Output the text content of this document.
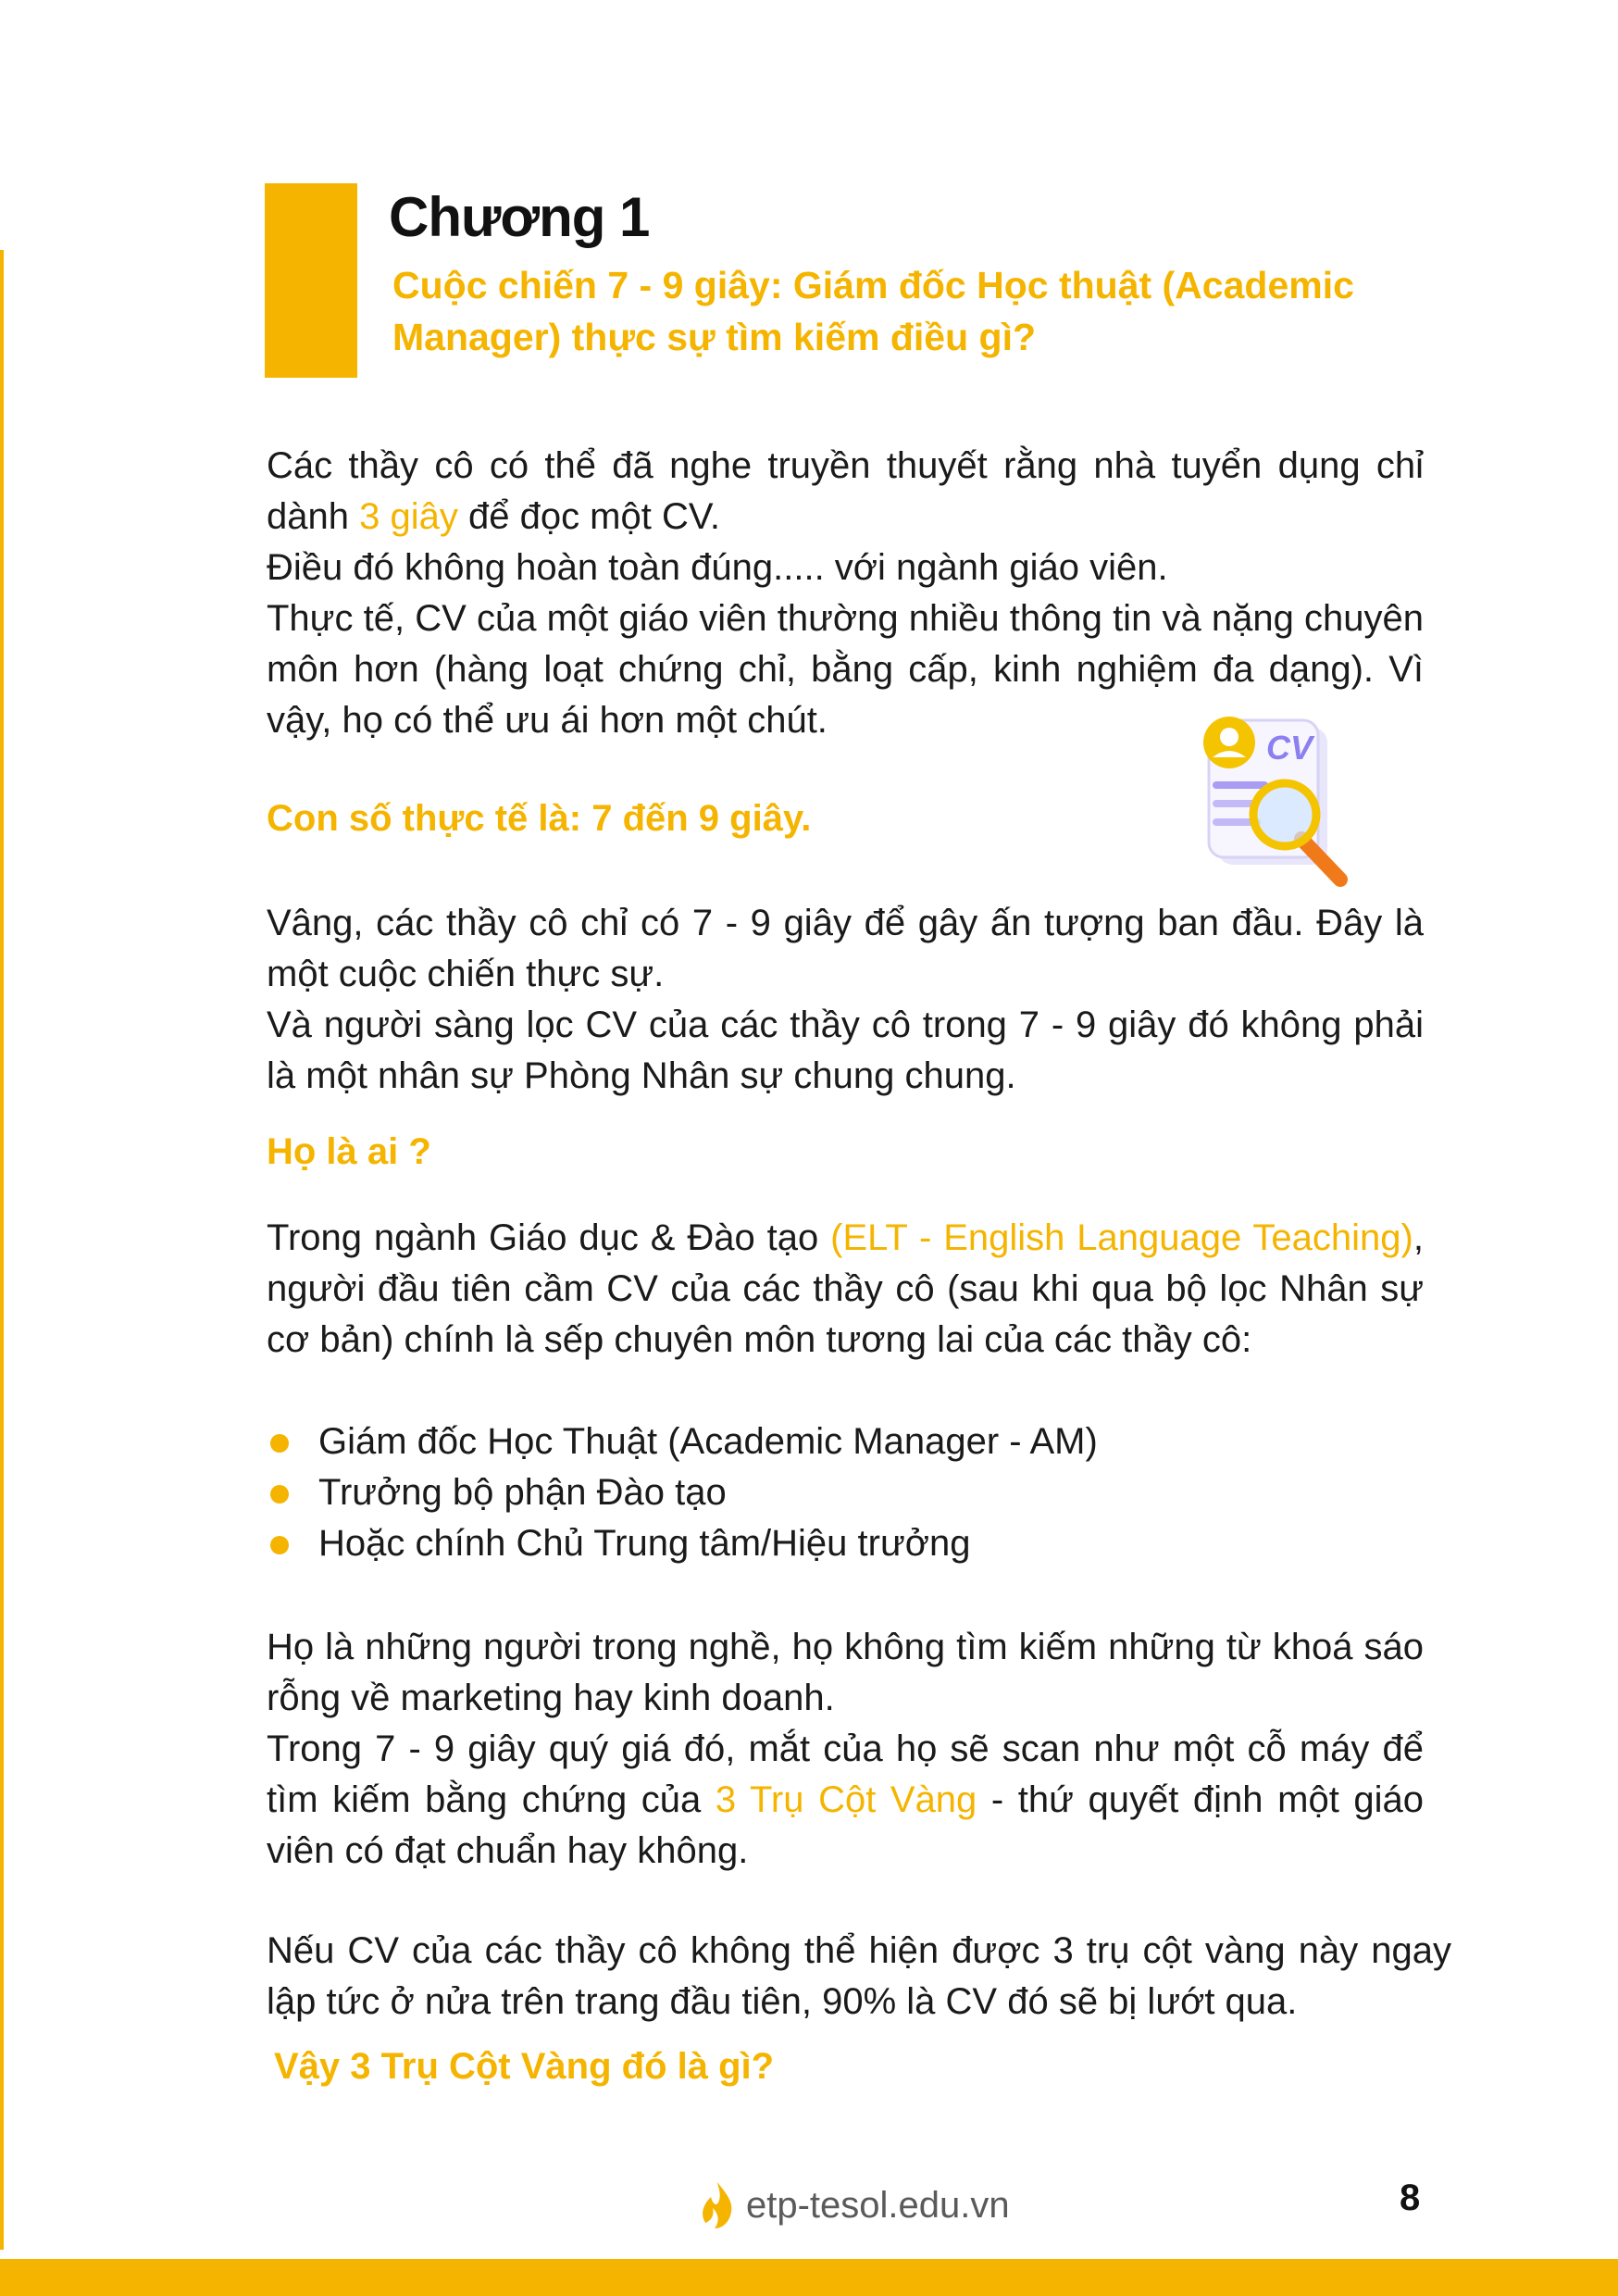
Chương 1
Cuộc chiến 7 - 9 giây: Giám đốc Học thuật (Academic Manager) thực sự tìm kiếm điều gì?
Các thầy cô có thể đã nghe truyền thuyết rằng nhà tuyển dụng chỉ dành 3 giây để đọc một CV.
Điều đó không hoàn toàn đúng..... với ngành giáo viên.
Thực tế, CV của một giáo viên thường nhiều thông tin và nặng chuyên môn hơn (hàng loạt chứng chỉ, bằng cấp, kinh nghiệm đa dạng). Vì vậy, họ có thể ưu ái hơn một chút.
CV
Con số thực tế là: 7 đến 9 giây.
Vâng, các thầy cô chỉ có 7 - 9 giây để gây ấn tượng ban đầu. Đây là một cuộc chiến thực sự.
Và người sàng lọc CV của các thầy cô trong 7 - 9 giây đó không phải là một nhân sự Phòng Nhân sự chung chung.
Họ là ai ?
Trong ngành Giáo dục & Đào tạo (ELT - English Language Teaching), người đầu tiên cầm CV của các thầy cô (sau khi qua bộ lọc Nhân sự cơ bản) chính là sếp chuyên môn tương lai của các thầy cô:
Giám đốc Học Thuật (Academic Manager - AM)
Trưởng bộ phận Đào tạo
Hoặc chính Chủ Trung tâm/Hiệu trưởng
Họ là những người trong nghề, họ không tìm kiếm những từ khoá sáo rỗng về marketing hay kinh doanh.
Trong 7 - 9 giây quý giá đó, mắt của họ sẽ scan như một cỗ máy để tìm kiếm bằng chứng của 3 Trụ Cột Vàng - thứ quyết định một giáo viên có đạt chuẩn hay không.
Nếu CV của các thầy cô không thể hiện được 3 trụ cột vàng này ngay lập tức ở nửa trên trang đầu tiên, 90% là CV đó sẽ bị lướt qua.
Vậy 3 Trụ Cột Vàng đó là gì?
etp-tesol.edu.vn	8
